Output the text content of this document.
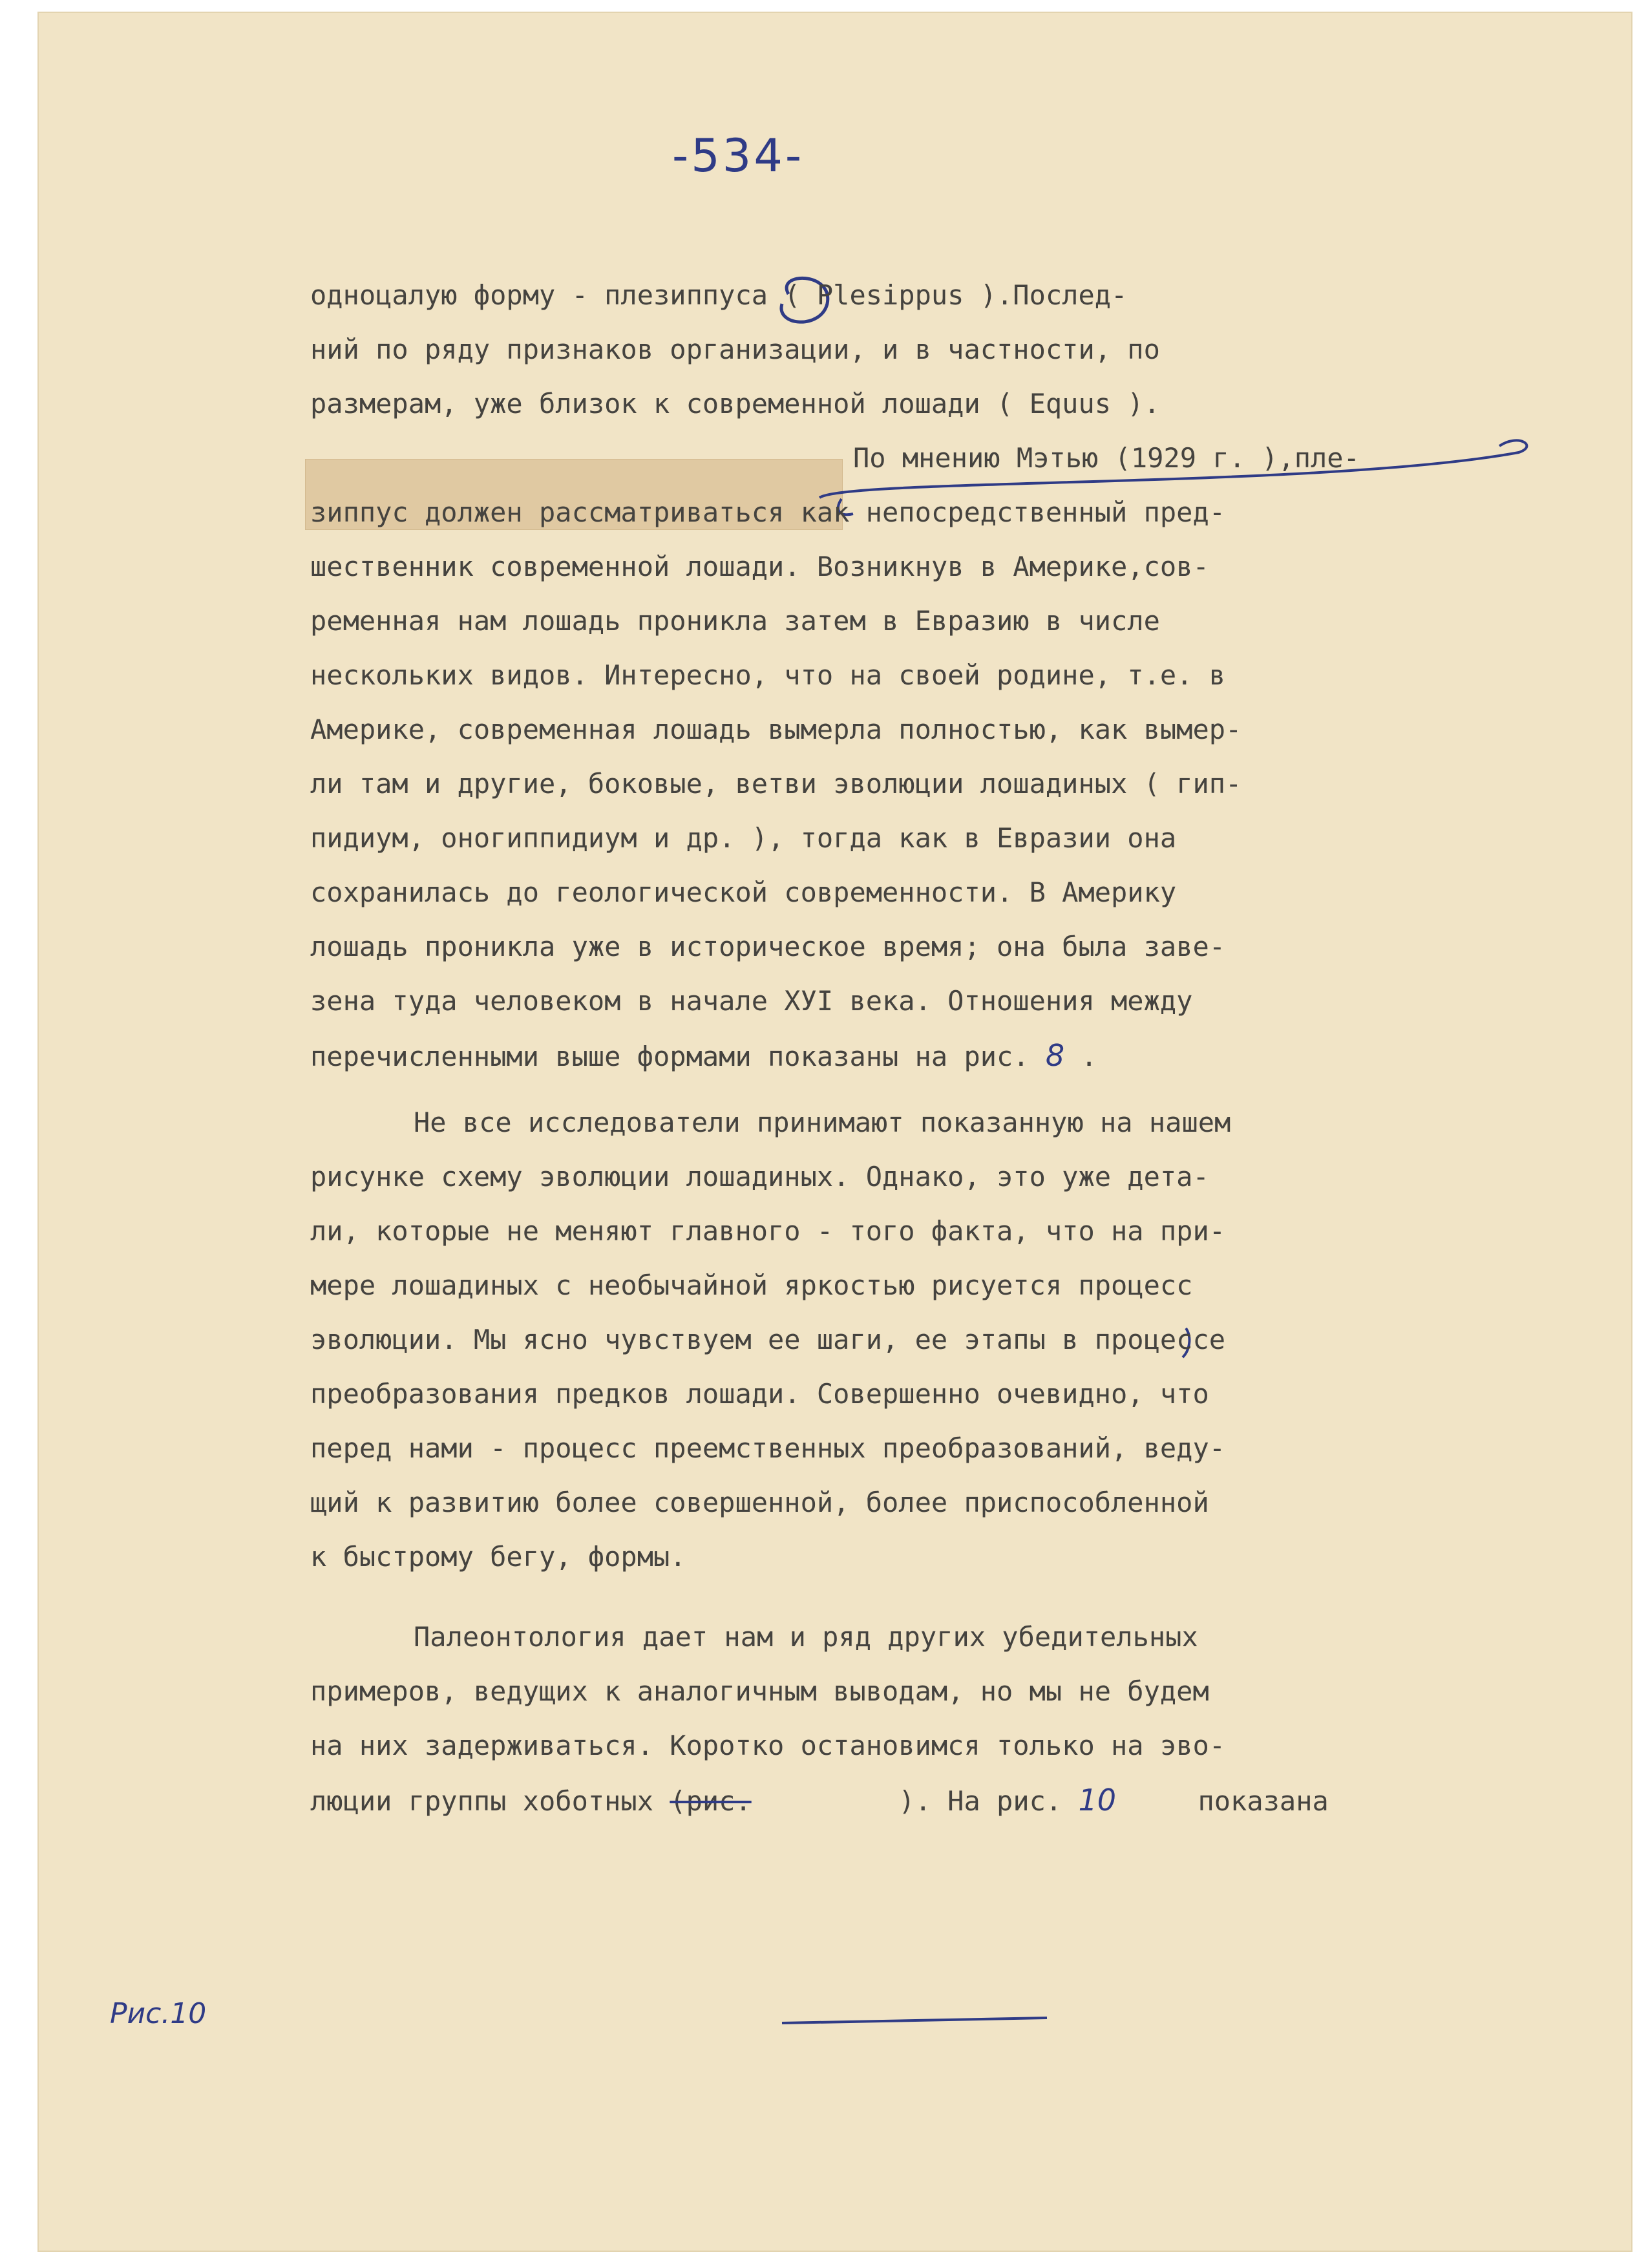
-534-
одноцалую форму - плезиппуса ( Plesippus ).Послед-
ний по ряду признаков организации, и в частности, по
размерам, уже близок к современной лошади ( Equus ).
По мнению Мэтью (1929 г. ),пле-
зиппус должен рассматриваться как непосредственный пред-
шественник современной лошади. Возникнув в Америке,сов-
ременная нам лошадь проникла затем в Евразию в числе
нескольких видов. Интересно, что на своей родине, т.е. в
Америке, современная лошадь вымерла полностью, как вымер-
ли там и другие, боковые, ветви эволюции лошадиных ( гип-
пидиум, оногиппидиум и др. ), тогда как в Евразии она
сохранилась до геологической современности. В Америку
лошадь проникла уже в историческое время; она была заве-
зена туда человеком в начале ХУI века. Отношения между
перечисленными выше формами показаны на рис. 8 .
Не все исследователи принимают показанную на нашем
рисунке схему эволюции лошадиных. Однако, это уже дета-
ли, которые не меняют главного - того факта, что на при-
мере лошадиных с необычайной яркостью рисуется процесс
эволюции. Мы ясно чувствуем ее шаги, ее этапы в процессе
преобразования предков лошади. Совершенно очевидно, что
перед нами - процесс преемственных преобразований, веду-
щий к развитию более совершенной, более приспособленной
к быстрому бегу, формы.
Палеонтология дает нам и ряд других убедительных
примеров, ведущих к аналогичным выводам, но мы не будем
на них задерживаться. Коротко остановимся только на эво-
люции группы хоботных (рис.         ). На рис. 10     показана
Рис.10
